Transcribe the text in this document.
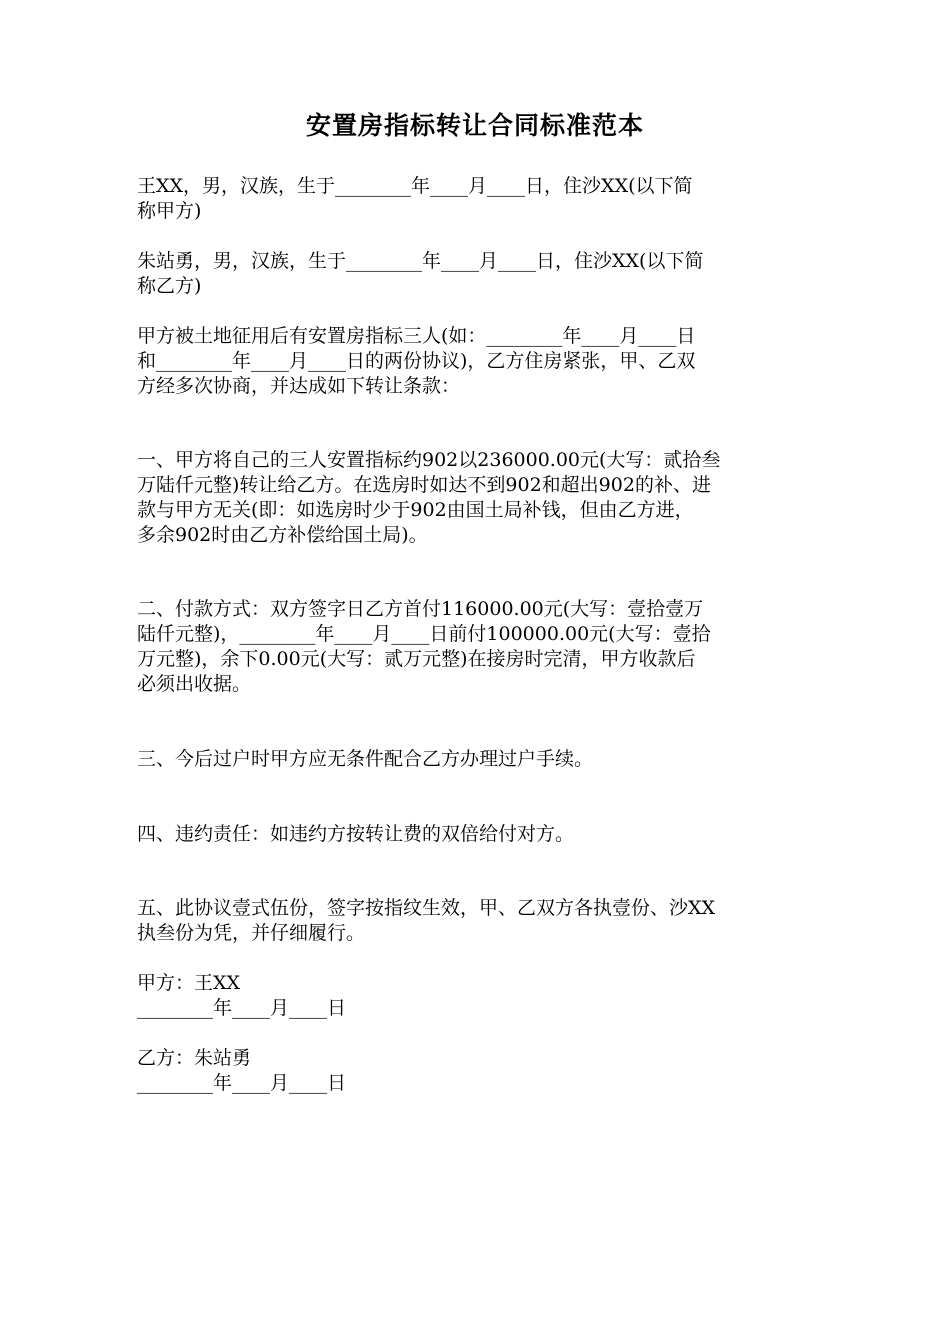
安置房指标转让合同标准范本
王XX，男，汉族，生于________年____月____日，住沙XX(以下简
称甲方)
朱站勇，男，汉族，生于________年____月____日，住沙XX(以下简
称乙方)
甲方被土地征用后有安置房指标三人(如：________年____月____日
和________年____月____日的两份协议)，乙方住房紧张，甲、乙双
方经多次协商，并达成如下转让条款：
一、甲方将自己的三人安置指标约902以236000.00元(大写：贰拾叁
万陆仟元整)转让给乙方。在选房时如达不到902和超出902的补、进
款与甲方无关(即：如选房时少于902由国土局补钱，但由乙方进，
多余902时由乙方补偿给国土局)。
二、付款方式：双方签字日乙方首付116000.00元(大写：壹拾壹万
陆仟元整)，________年____月____日前付100000.00元(大写：壹拾
万元整)，余下0.00元(大写：贰万元整)在接房时完清，甲方收款后
必须出收据。
三、今后过户时甲方应无条件配合乙方办理过户手续。
四、违约责任：如违约方按转让费的双倍给付对方。
五、此协议壹式伍份，签字按指纹生效，甲、乙双方各执壹份、沙XX
执叁份为凭，并仔细履行。
甲方：王XX
________年____月____日
乙方：朱站勇
________年____月____日
